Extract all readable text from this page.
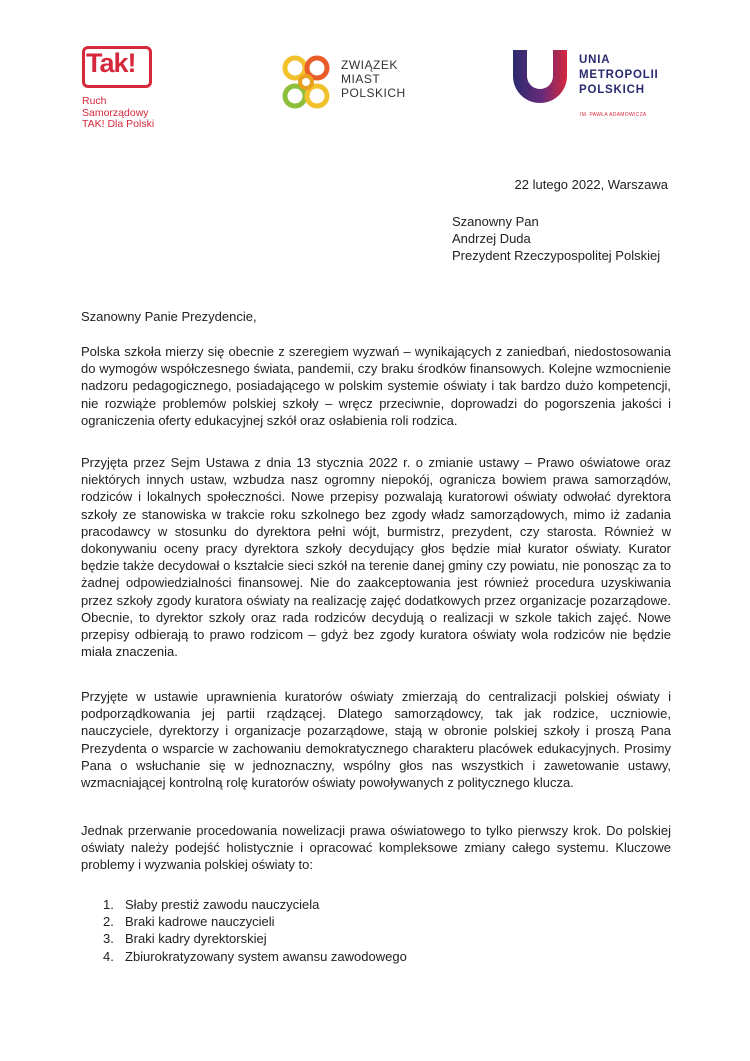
Tak!
Ruch
Samorządowy
TAK! Dla Polski
ZWIĄZEK
MIAST
POLSKICH
UNIA
METROPOLII
POLSKICH
IM. PAWŁA ADAMOWICZA
22 lutego 2022, Warszawa
Szanowny Pan
Andrzej Duda
Prezydent Rzeczypospolitej Polskiej
Szanowny Panie Prezydencie,

Polska szkoła mierzy się obecnie z szeregiem wyzwań – wynikających z zaniedbań, niedostosowania do wymogów współczesnego świata, pandemii, czy braku środków finansowych. Kolejne wzmocnienie nadzoru pedagogicznego, posiadającego w polskim systemie oświaty i tak bardzo dużo kompetencji, nie rozwiąże problemów polskiej szkoły – wręcz przeciwnie, doprowadzi do pogorszenia jakości i ograniczenia oferty edukacyjnej szkół oraz osłabienia roli rodzica.

Przyjęta przez Sejm Ustawa z dnia 13 stycznia 2022 r. o zmianie ustawy – Prawo oświatowe oraz niektórych innych ustaw, wzbudza nasz ogromny niepokój, ogranicza bowiem prawa samorządów, rodziców i lokalnych społeczności. Nowe przepisy pozwalają kuratorowi oświaty odwołać dyrektora szkoły ze stanowiska w trakcie roku szkolnego bez zgody władz samorządowych, mimo iż zadania pracodawcy w stosunku do dyrektora pełni wójt, burmistrz, prezydent, czy starosta. Również w dokonywaniu oceny pracy dyrektora szkoły decydujący głos będzie miał kurator oświaty. Kurator będzie także decydował o kształcie sieci szkół na terenie danej gminy czy powiatu, nie ponosząc za to żadnej odpowiedzialności finansowej. Nie do zaakceptowania jest również procedura uzyskiwania przez szkoły zgody kuratora oświaty na realizację zajęć dodatkowych przez organizacje pozarządowe. Obecnie, to dyrektor szkoły oraz rada rodziców decydują o realizacji w szkole takich zajęć. Nowe przepisy odbierają to prawo rodzicom – gdyż bez zgody kuratora oświaty wola rodziców nie będzie miała znaczenia.

Przyjęte w ustawie uprawnienia kuratorów oświaty zmierzają do centralizacji polskiej oświaty i podporządkowania jej partii rządzącej. Dlatego samorządowcy, tak jak rodzice, uczniowie, nauczyciele, dyrektorzy i organizacje pozarządowe, stają w obronie polskiej szkoły i proszą Pana Prezydenta o wsparcie w zachowaniu demokratycznego charakteru placówek edukacyjnych. Prosimy Pana o wsłuchanie się w jednoznaczny, wspólny głos nas wszystkich i zawetowanie ustawy, wzmacniającej kontrolną rolę kuratorów oświaty powoływanych z politycznego klucza.

Jednak przerwanie procedowania nowelizacji prawa oświatowego to tylko pierwszy krok. Do polskiej oświaty należy podejść holistycznie i opracować kompleksowe zmiany całego systemu. Kluczowe problemy i wyzwania polskiej oświaty to:

1. Słaby prestiż zawodu nauczyciela
2. Braki kadrowe nauczycieli
3. Braki kadry dyrektorskiej
4. Zbiurokratyzowany system awansu zawodowego
